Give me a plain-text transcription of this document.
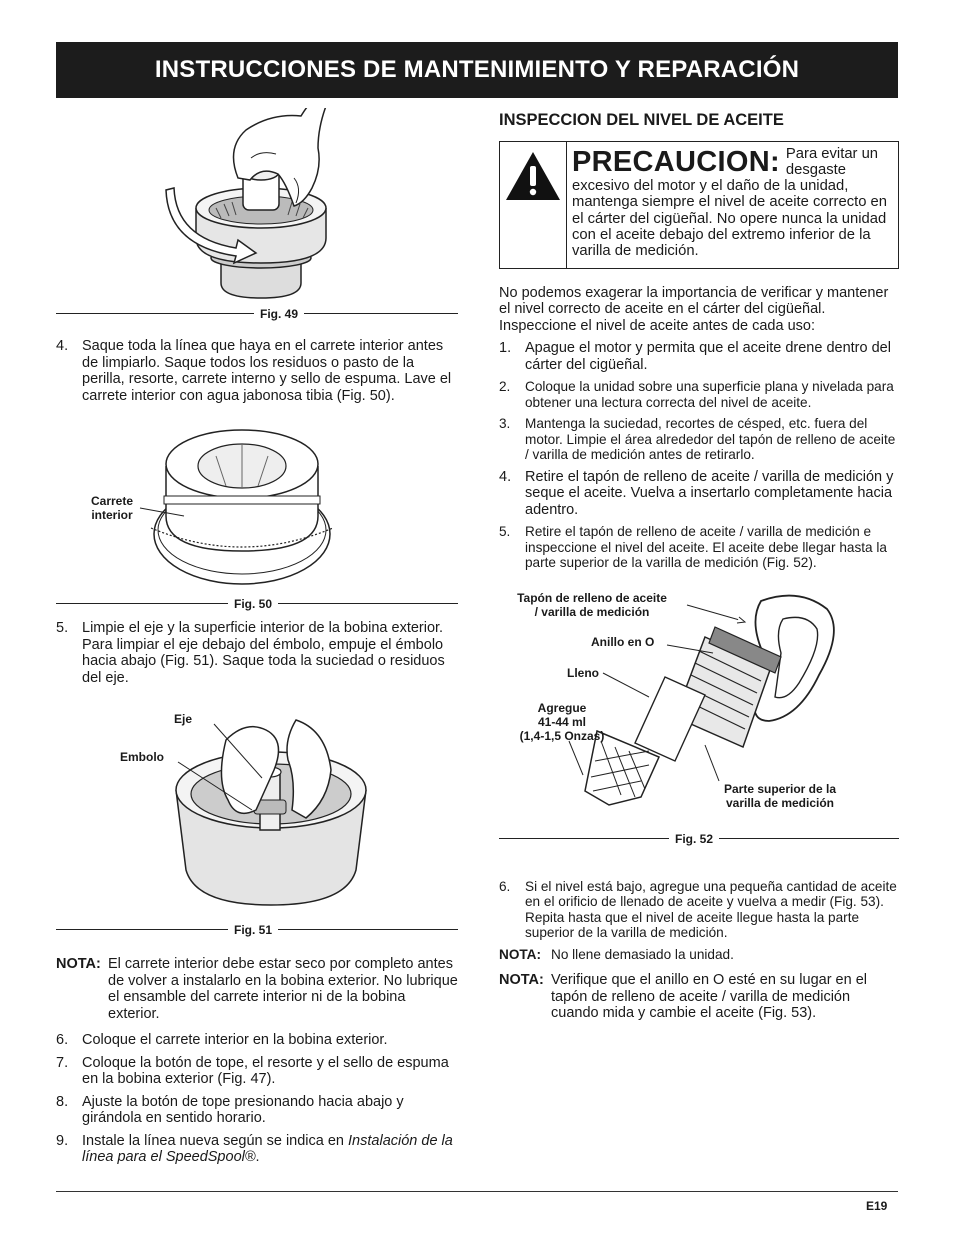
INSTRUCCIONES DE MANTENIMIENTO Y REPARACIÓN
Fig. 49
4. Saque toda la línea que haya en el carrete interior antes de limpiarlo. Saque todos los residuos o pasto de la perilla, resorte, carrete interno y sello de espuma. Lave el carrete interior con agua jabonosa tibia (Fig. 50).
Carrete interior
Fig. 50
5. Limpie el eje y la superficie interior de la bobina exterior. Para limpiar el eje debajo del émbolo, empuje el émbolo hacia abajo (Fig. 51). Saque toda la suciedad o residuos del eje.
Eje
Embolo
Fig. 51
NOTA: El carrete interior debe estar seco por completo antes de volver a instalarlo en la bobina exterior. No lubrique el ensamble del carrete interior ni de la bobina exterior.
6. Coloque el carrete interior en la bobina exterior.
7. Coloque la botón de tope, el resorte y el sello de espuma en la bobina exterior (Fig. 47).
8. Ajuste la botón de tope presionando hacia abajo y girándola en sentido horario.
9. Instale la línea nueva según se indica en Instalación de la línea para el SpeedSpool®.
INSPECCION DEL NIVEL DE ACEITE
PRECAUCION: Para evitar un desgaste excesivo del motor y el daño de la unidad, mantenga siempre el nivel de aceite correcto en el cárter del cigüeñal. No opere nunca la unidad con el aceite debajo del extremo inferior de la varilla de medición.
No podemos exagerar la importancia de verificar y mantener el nivel correcto de aceite en el cárter del cigüeñal. Inspeccione el nivel de aceite antes de cada uso:
1. Apague el motor y permita que el aceite drene dentro del cárter del cigüeñal.
2.	Coloque la unidad sobre una superficie plana y nivelada para obtener una lectura correcta del nivel de aceite.
3.	Mantenga la suciedad, recortes de césped, etc. fuera del motor. Limpie el área alrededor del tapón de relleno de aceite / varilla de medición antes de retirarlo.
4. Retire el tapón de relleno de aceite / varilla de medición y seque el aceite. Vuelva a insertarlo completamente hacia adentro.
5.	Retire el tapón de relleno de aceite / varilla de medición e inspeccione el nivel del aceite. El aceite debe llegar hasta la parte superior de la varilla de medición (Fig. 52).
Tapón de relleno de aceite
/ varilla de medición
Anillo en O
Lleno
Agregue
41-44 ml
(1,4-1,5 Onzas)
Parte superior de la
varilla de medición
Fig. 52
6.	Si el nivel está bajo, agregue una pequeña cantidad de aceite en el orificio de llenado de aceite y vuelva a medir (Fig. 53). Repita hasta que el nivel de aceite llegue hasta la parte superior de la varilla de medición.
NOTA: No llene demasiado la unidad.
NOTA: Verifique que el anillo en O esté en su lugar en el tapón de relleno de aceite / varilla de medición cuando mida y cambie el aceite (Fig. 53).
E19
